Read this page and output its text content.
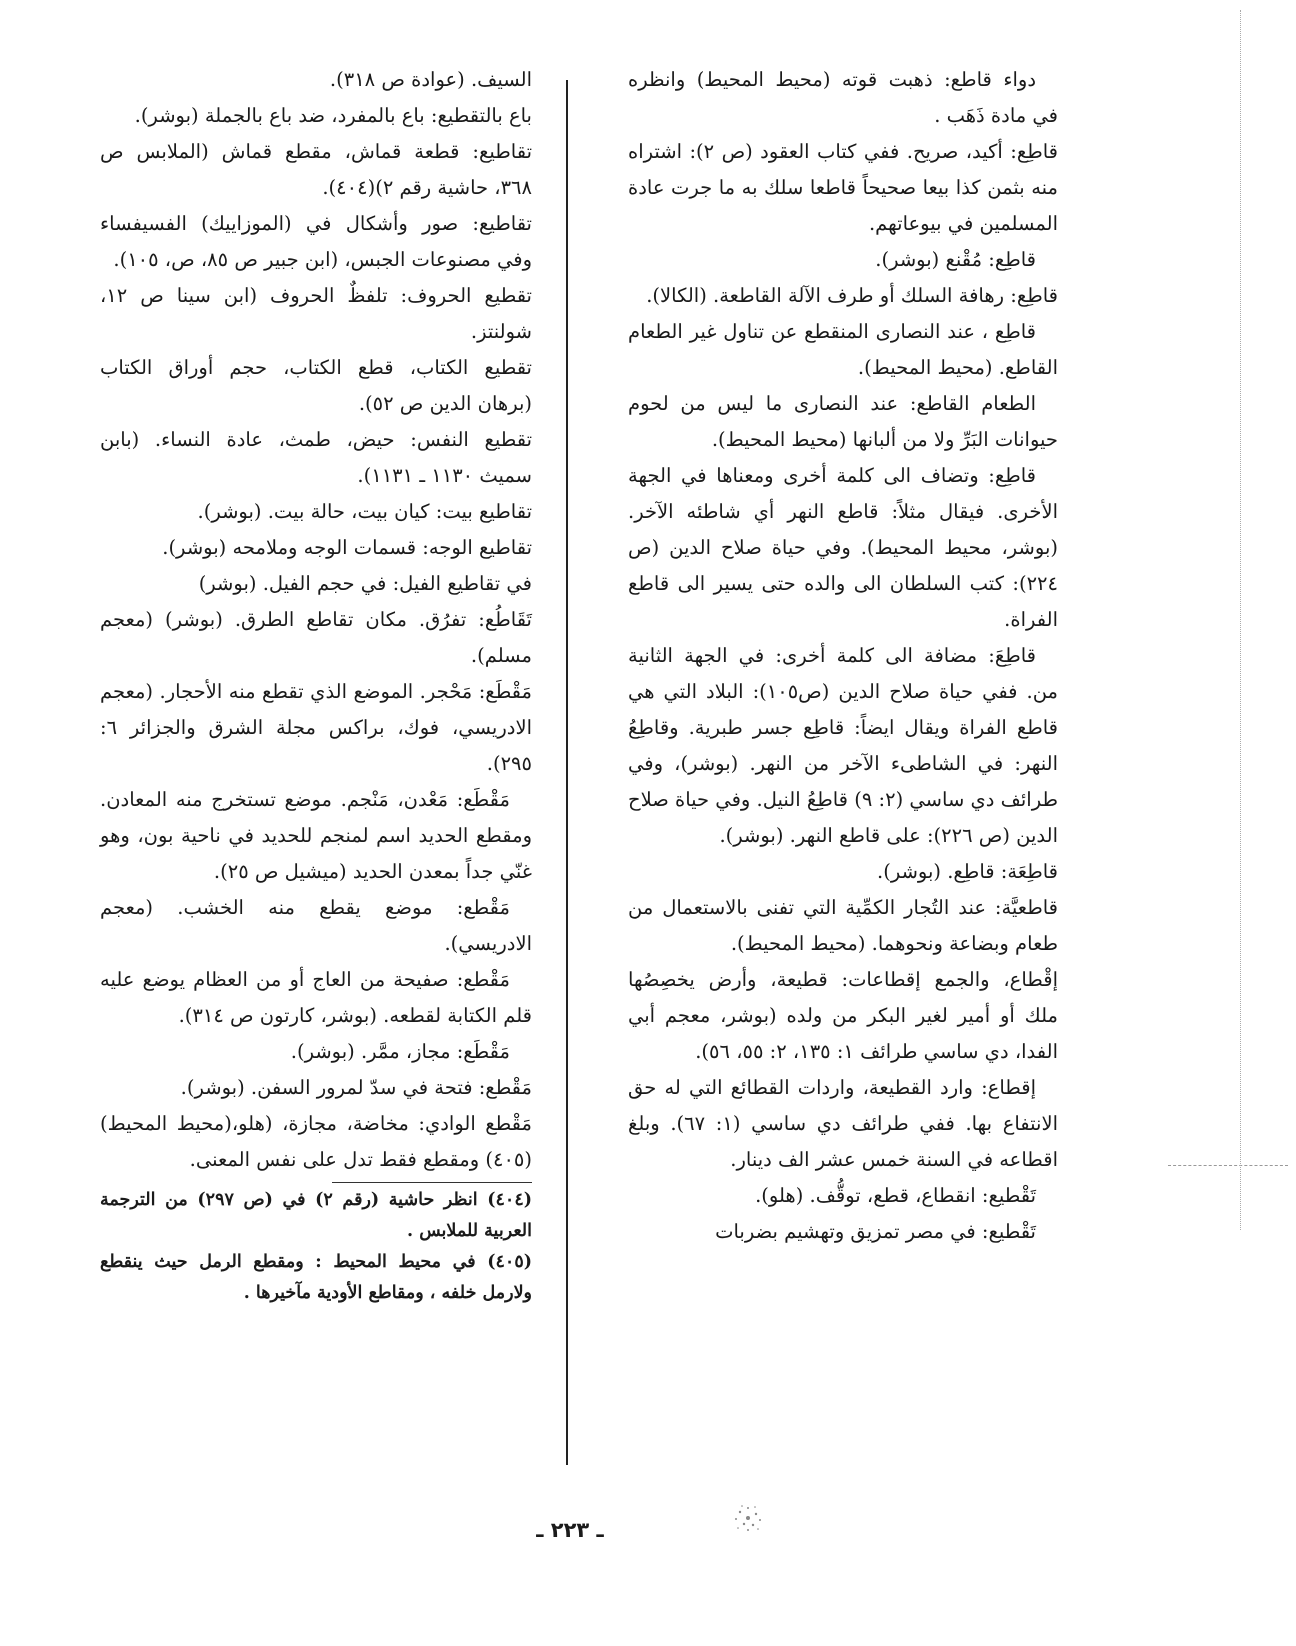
دواء قاطع: ذهبت قوته (محيط المحيط) وانظره في مادة ذَهَب .

قاطِع: أكيد، صريح. ففي كتاب العقود (ص ٢): اشتراه منه بثمن كذا بيعا صحيحاً قاطعا سلك به ما جرت عادة المسلمين في بيوعاتهم.

قاطِع: مُقْنع (بوشر).

قاطِع: رهافة السلك أو طرف الآلة القاطعة. (الكالا).

قاطِع ، عند النصارى المنقطع عن تناول غير الطعام القاطع. (محيط المحيط).

الطعام القاطع: عند النصارى ما ليس من لحوم حيوانات البَرِّ ولا من ألبانها (محيط المحيط).

قاطِع: وتضاف الى كلمة أخرى ومعناها في الجهة الأخرى. فيقال مثلاً: قاطع النهر أي شاطئه الآخر. (بوشر، محيط المحيط). وفي حياة صلاح الدين (ص ٢٢٤): كتب السلطان الى والده حتى يسير الى قاطع الفراة.

قاطِعَ: مضافة الى كلمة أخرى: في الجهة الثانية من. ففي حياة صلاح الدين (ص١٠٥): البلاد التي هي قاطع الفراة ويقال ايضاً: قاطِع جسر طبرية. وقاطِعُ النهر: في الشاطىء الآخر من النهر. (بوشر)، وفي طرائف دي ساسي (٢: ٩) قاطِعُ النيل. وفي حياة صلاح الدين (ص ٢٢٦): على قاطع النهر. (بوشر).

قاطِعَة: قاطِع. (بوشر).

قاطعيَّة: عند التُجار الكمِّية التي تفنى بالاستعمال من طعام وبضاعة ونحوهما. (محيط المحيط).

إقْطاع، والجمع إقطاعات: قطيعة، وأرض يخصِصُها ملك أو أمير لغير البكر من ولده (بوشر، معجم أبي الفدا، دي ساسي طرائف ١: ١٣٥، ٢: ٥٥، ٥٦).

إقطاع: وارد القطيعة، واردات القطائع التي له حق الانتفاع بها. ففي طرائف دي ساسي (١: ٦٧). وبلغ اقطاعه في السنة خمس عشر الف دينار.

تَقْطيع: انقطاع، قطع، توقُّف. (هلو).

تَقْطيع: في مصر تمزيق وتهشيم بضربات

السيف. (عوادة ص ٣١٨).

باع بالتقطيع: باع بالمفرد، ضد باع بالجملة (بوشر).

تقاطيع: قطعة قماش، مقطع قماش (الملابس ص ٣٦٨، حاشية رقم ٢)(٤٠٤).

تقاطيع: صور وأشكال في (الموزاييك) الفسيفساء وفي مصنوعات الجبس، (ابن جبير ص ٨٥، ص، ١٠٥).

تقطيع الحروف: تلفظٌ الحروف (ابن سينا ص ١٢، شولنتز.

تقطيع الكتاب، قطع الكتاب، حجم أوراق الكتاب (برهان الدين ص ٥٢).

تقطيع النفس: حيض، طمث، عادة النساء. (بابن سميث ١١٣٠ ـ ١١٣١).

تقاطيع بيت: كيان بيت، حالة بيت. (بوشر).

تقاطيع الوجه: قسمات الوجه وملامحه (بوشر).

في تقاطيع الفيل: في حجم الفيل. (بوشر)

تَقَاطُع: تفرُق. مكان تقاطع الطرق. (بوشر) (معجم مسلم).

مَقْطَع: مَحْجر. الموضع الذي تقطع منه الأحجار. (معجم الادريسي، فوك، براكس مجلة الشرق والجزائر ٦: ٢٩٥).

مَقْطَع: مَعْدن، مَنْجم. موضع تستخرج منه المعادن. ومقطع الحديد اسم لمنجم للحديد في ناحية بون، وهو غنّي جداً بمعدن الحديد (ميشيل ص ٢٥).

مَقْطع: موضع يقطع منه الخشب. (معجم الادريسي).

مَقْطع: صفيحة من العاج أو من العظام يوضع عليه قلم الكتابة لقطعه. (بوشر، كارتون ص ٣١٤).

مَقْطَع: مجاز، ممَّر. (بوشر).

مَقْطع: فتحة في سدّ لمرور السفن. (بوشر).

مَقْطع الوادي: مخاضة، مجازة، (هلو،(محيط المحيط)(٤٠٥) ومقطع فقط تدل على نفس المعنى.

(٤٠٤) انظر حاشية (رقم ٢) في (ص ٢٩٧) من الترجمة العربية للملابس .

(٤٠٥) في محيط المحيط : ومقطع الرمل حيث ينقطع ولارمل خلفه ، ومقاطع الأودية مآخيرها .

ـ ٢٢٣ ـ
